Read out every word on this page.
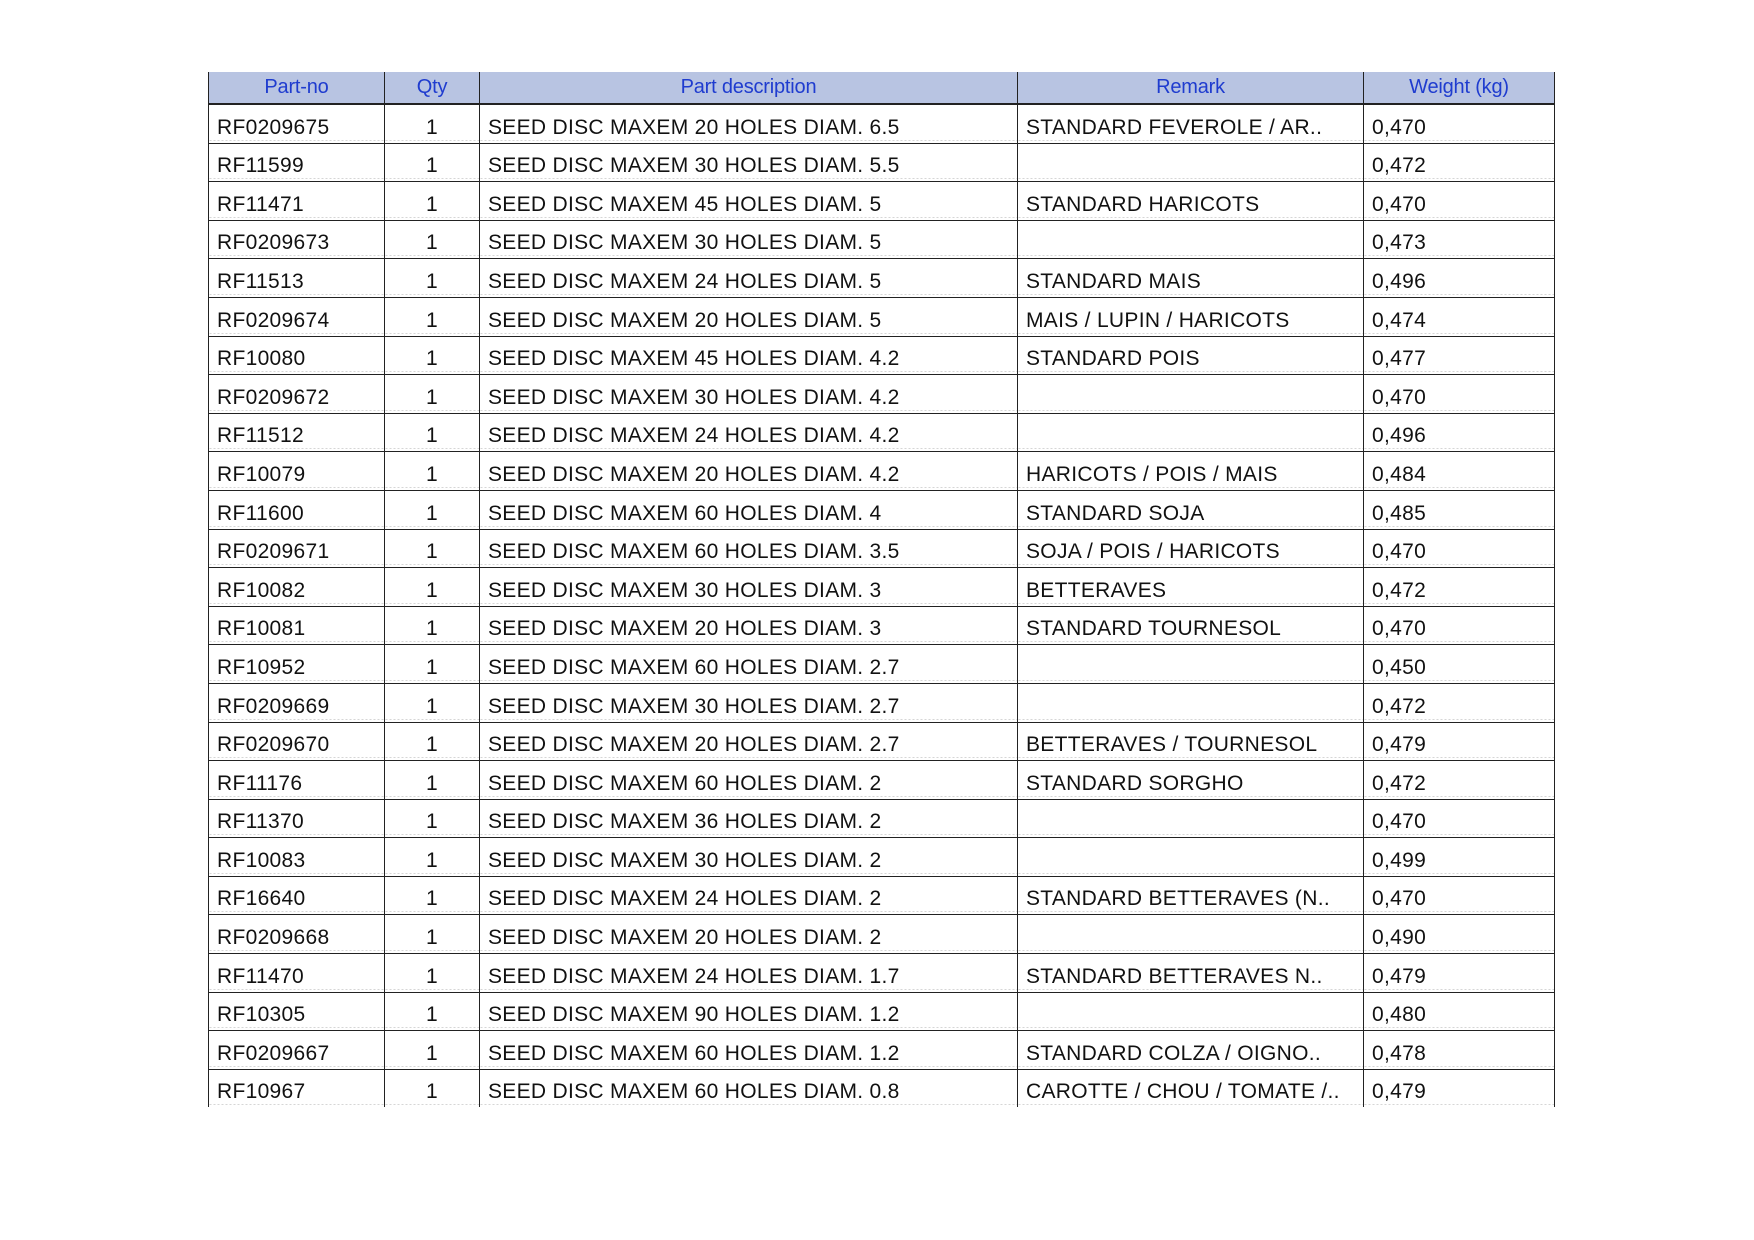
Part-no	Qty	Part description	Remark	Weight (kg)
RF0209675	1	SEED DISC MAXEM 20 HOLES DIAM. 6.5	STANDARD FEVEROLE / AR..	0,470
RF11599	1	SEED DISC MAXEM 30 HOLES DIAM. 5.5		0,472
RF11471	1	SEED DISC MAXEM 45 HOLES DIAM. 5	STANDARD HARICOTS	0,470
RF0209673	1	SEED DISC MAXEM 30 HOLES DIAM. 5		0,473
RF11513	1	SEED DISC MAXEM 24 HOLES DIAM. 5	STANDARD MAIS	0,496
RF0209674	1	SEED DISC MAXEM 20 HOLES DIAM. 5	MAIS / LUPIN / HARICOTS	0,474
RF10080	1	SEED DISC MAXEM 45 HOLES DIAM. 4.2	STANDARD POIS	0,477
RF0209672	1	SEED DISC MAXEM 30 HOLES DIAM. 4.2		0,470
RF11512	1	SEED DISC MAXEM 24 HOLES DIAM. 4.2		0,496
RF10079	1	SEED DISC MAXEM 20 HOLES DIAM. 4.2	HARICOTS / POIS / MAIS	0,484
RF11600	1	SEED DISC MAXEM 60 HOLES DIAM. 4	STANDARD SOJA	0,485
RF0209671	1	SEED DISC MAXEM 60 HOLES DIAM. 3.5	SOJA / POIS / HARICOTS	0,470
RF10082	1	SEED DISC MAXEM 30 HOLES DIAM. 3	BETTERAVES	0,472
RF10081	1	SEED DISC MAXEM 20 HOLES DIAM. 3	STANDARD TOURNESOL	0,470
RF10952	1	SEED DISC MAXEM 60 HOLES DIAM. 2.7		0,450
RF0209669	1	SEED DISC MAXEM 30 HOLES DIAM. 2.7		0,472
RF0209670	1	SEED DISC MAXEM 20 HOLES DIAM. 2.7	BETTERAVES / TOURNESOL	0,479
RF11176	1	SEED DISC MAXEM 60 HOLES DIAM. 2	STANDARD SORGHO	0,472
RF11370	1	SEED DISC MAXEM 36 HOLES DIAM. 2		0,470
RF10083	1	SEED DISC MAXEM 30 HOLES DIAM. 2		0,499
RF16640	1	SEED DISC MAXEM 24 HOLES DIAM. 2	STANDARD BETTERAVES (N..	0,470
RF0209668	1	SEED DISC MAXEM 20 HOLES DIAM. 2		0,490
RF11470	1	SEED DISC MAXEM 24 HOLES DIAM. 1.7	STANDARD BETTERAVES N..	0,479
RF10305	1	SEED DISC MAXEM 90 HOLES DIAM. 1.2		0,480
RF0209667	1	SEED DISC MAXEM 60 HOLES DIAM. 1.2	STANDARD COLZA / OIGNO..	0,478
RF10967	1	SEED DISC MAXEM 60 HOLES DIAM. 0.8	CAROTTE / CHOU / TOMATE /..	0,479
